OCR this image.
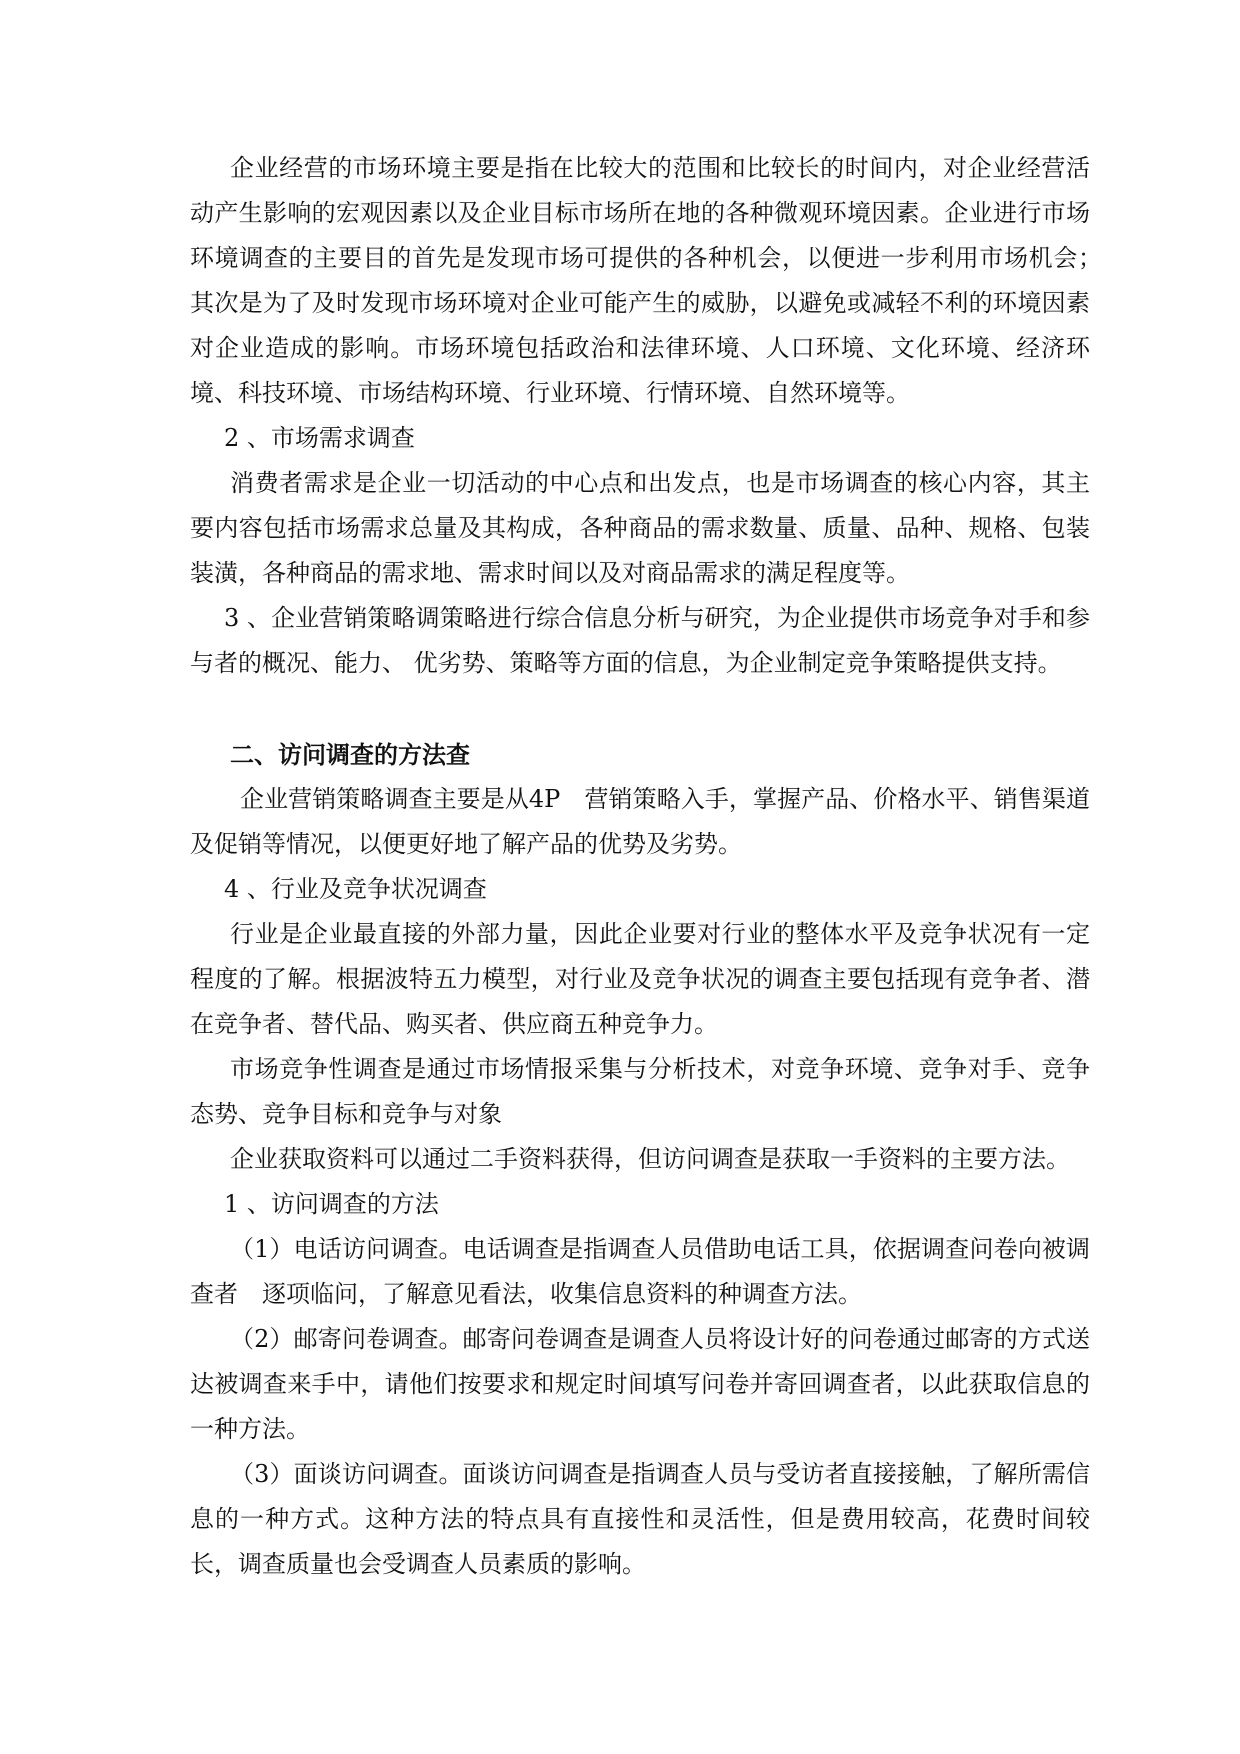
企业经营的市场环境主要是指在比较大的范围和比较长的时间内，对企业经营活动产生影响的宏观因素以及企业目标市场所在地的各种微观环境因素。企业进行市场环境调查的主要目的首先是发现市场可提供的各种机会，以便进一步利用市场机会；　其次是为了及时发现市场环境对企业可能产生的威胁，以避免或减轻不利的环境因素对企业造成的影响。市场环境包括政治和法律环境、人口环境、文化环境、经济环境、科技环境、市场结构环境、行业环境、行情环境、自然环境等。

2 、市场需求调查

消费者需求是企业一切活动的中心点和出发点，也是市场调查的核心内容，其主要内容包括市场需求总量及其构成，各种商品的需求数量、质量、品种、规格、包装装潢，各种商品的需求地、需求时间以及对商品需求的满足程度等。

3 、企业营销策略调策略进行综合信息分析与研究，为企业提供市场竞争对手和参与者的概况、能力、 优劣势、策略等方面的信息，为企业制定竞争策略提供支持。

二、访问调查的方法查

企业营销策略调查主要是从4P　营销策略入手，掌握产品、价格水平、销售渠道及促销等情况，以便更好地了解产品的优势及劣势。

4 、行业及竞争状况调查

行业是企业最直接的外部力量，因此企业要对行业的整体水平及竞争状况有一定程度的了解。根据波特五力模型，对行业及竞争状况的调查主要包括现有竞争者、潜在竞争者、替代品、购买者、供应商五种竞争力。

市场竞争性调查是通过市场情报采集与分析技术，对竞争环境、竞争对手、竞争态势、竞争目标和竞争与对象

企业获取资料可以通过二手资料获得，但访问调查是获取一手资料的主要方法。

1 、访问调查的方法

（1）电话访问调查。电话调查是指调查人员借助电话工具，依据调查问卷向被调查者　逐项临问，了解意见看法，收集信息资料的种调查方法。

（2）邮寄问卷调查。邮寄问卷调查是调查人员将设计好的问卷通过邮寄的方式送达被调查来手中，请他们按要求和规定时间填写问卷并寄回调查者，以此获取信息的一种方法。

（3）面谈访问调查。面谈访问调查是指调查人员与受访者直接接触，了解所需信息的一种方式。这种方法的特点具有直接性和灵活性，但是费用较高，花费时间较长，调查质量也会受调查人员素质的影响。
